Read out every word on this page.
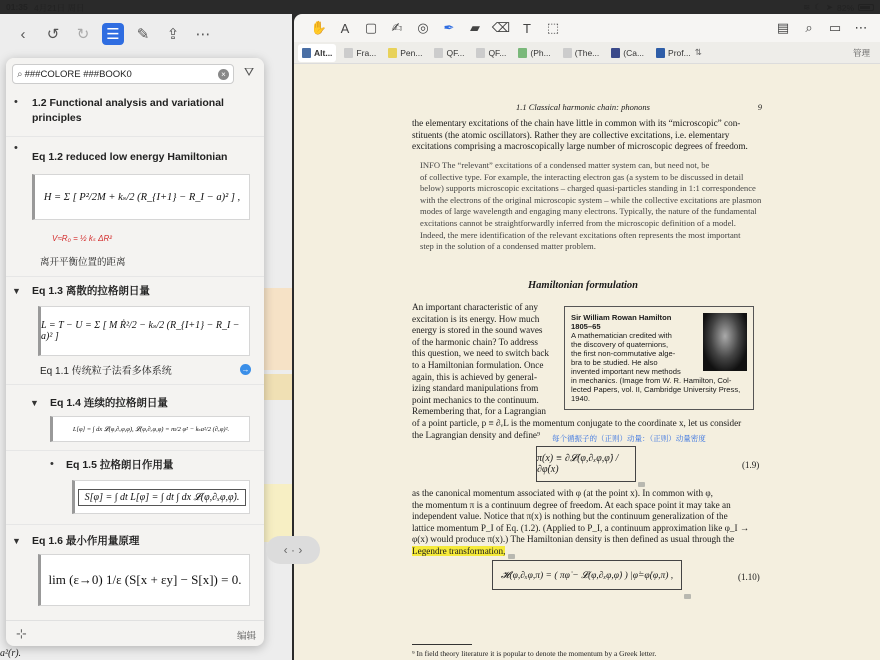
01:35 4月21日 周日	≋ ☾ ➤ 82%
‹	↺	↻	☰	✎	⇪	⋯
a²(r).
⌕ ###COLORE ###BOOK0	×	⛛
• 1.2 Functional analysis and variational
principles
•
Eq 1.2 reduced low energy Hamiltonian
H = Σ [ P²/2M + kₛ/2 (R_{I+1} − R_I − a)² ] ,
V≈R₀ = ½ kₛ ΔR²
离开平衡位置的距离
▼ Eq 1.3 离散的拉格朗日量
L = T − U = Σ [ M Ṙ²/2 − kₛ/2 (R_{I+1} − R_I − a)² ]
Eq 1.1 传统粒子法看多体系统	→
▼ Eq 1.4 连续的拉格朗日量
L[φ] = ∫ dx 𝓛(φ,∂ₓφ,φ̇), 𝓛(φ,∂ₓφ,φ̇) = m/2 φ̇² − kₛa²/2 (∂ₓφ)².
• Eq 1.5 拉格朗日作用量
S[φ] = ∫ dt L[φ] = ∫ dt ∫ dx 𝓛(φ,∂ₓφ,φ̇).
▼ Eq 1.6 最小作用量原理
lim (ε→0) 1/ε (S[x + εy] − S[x]) = 0.
⊹	编辑
‹ · ›
✋	A	▢	✍	◎	✒	▰ ⌫ T	⬚	▤	⌕	▭	⋯
Alt...	Fra...	Pen...	QF...	QF...	(Ph...	(The...	(Ca...	Prof... ⇅	管理
1.1 Classical harmonic chain: phonons	9
the elementary excitations of the chain have little in common with its “microscopic” con-
stituents (the atomic oscillators). Rather they are collective excitations, i.e. elementary
excitations comprising a macroscopically large number of microscopic degrees of freedom.
INFO The “relevant” excitations of a condensed matter system can, but need not, be
of collective type. For example, the interacting electron gas (a system to be discussed in detail
below) supports microscopic excitations – charged quasi-particles standing in 1:1 correspondence
with the electrons of the original microscopic system – while the collective excitations are plasmon
modes of large wavelength and engaging many electrons. Typically, the nature of the fundamental
excitations cannot be straightforwardly inferred from the microscopic definition of a model.
Indeed, the mere identification of the relevant excitations often represents the most important
step in the solution of a condensed matter problem.
Hamiltonian formulation
An important characteristic of any
excitation is its energy. How much
energy is stored in the sound waves
of the harmonic chain? To address
this question, we need to switch back
to a Hamiltonian formulation. Once
again, this is achieved by general-
izing standard manipulations from
point mechanics to the continuum.
Remembering that, for a Lagrangian
Sir William Rowan Hamilton
1805–65
A mathematician credited with
the discovery of quaternions,
the first non-commutative alge-
bra to be studied. He also
invented important new methods
in mechanics. (Image from W. R. Hamilton, Col-
lected Papers, vol. II, Cambridge University Press,
1940.
of a point particle, p ≡ ∂ᵥL is the momentum conjugate to the coordinate x, let us consider
the Lagrangian density and define⁹	每个循振子的（正则）动量：（正则）动量密度
π(x) ≡ ∂𝓛(φ,∂ₓφ,φ̇) / ∂φ̇(x)	(1.9)
as the canonical momentum associated with φ (at the point x). In common with φ,
the momentum π is a continuum degree of freedom. At each space point it may take an
independent value. Notice that π(x) is nothing but the continuum generalization of the
lattice momentum P_I of Eq. (1.2). (Applied to P_I, a continuum approximation like φ_I →
φ(x) would produce π(x).) The Hamiltonian density is then defined as usual through the
Legendre transformation,
𝓗(φ,∂ₓφ,π) = ( πφ̇ − 𝓛(φ,∂ₓφ,φ̇) ) |φ̇=φ̇(φ,π) ,	(1.10)
⁹ In field theory literature it is popular to denote the momentum by a Greek letter.
